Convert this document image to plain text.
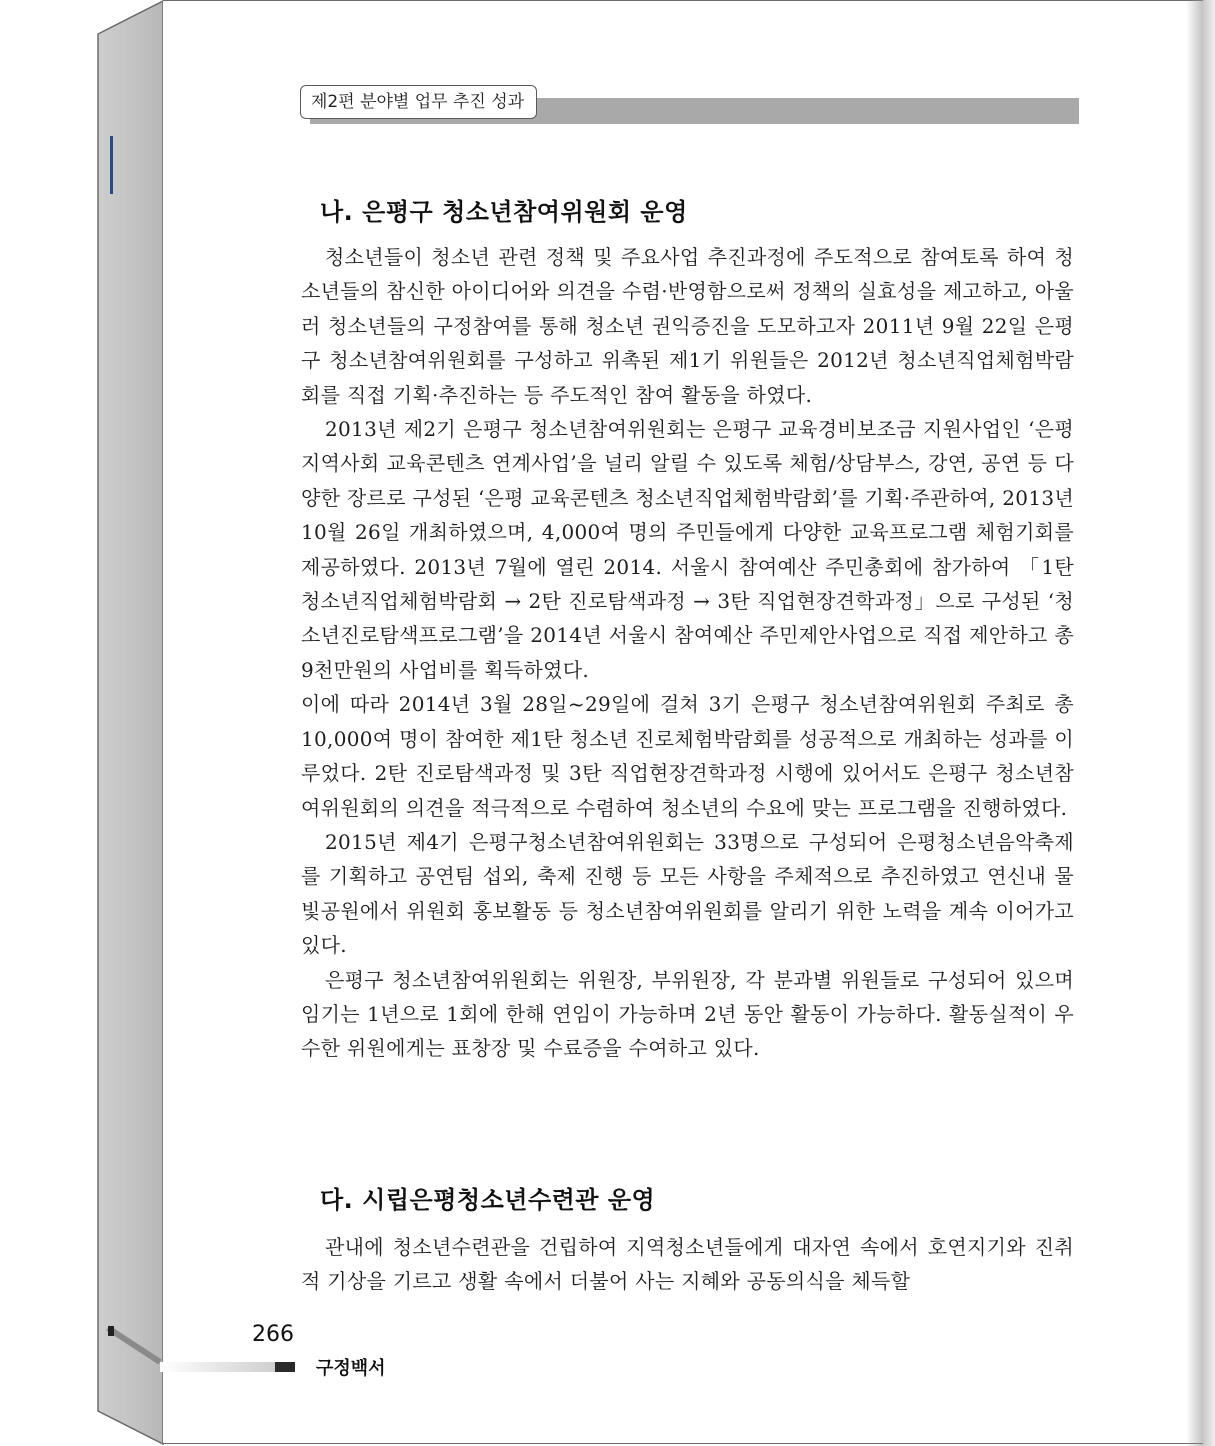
제2편 분야별 업무 추진 성과
나. 은평구 청소년참여위원회 운영

청소년들이 청소년 관련 정책 및 주요사업 추진과정에 주도적으로 참여토록 하여 청소년들의 참신한 아이디어와 의견을 수렴·반영함으로써 정책의 실효성을 제고하고, 아울러 청소년들의 구정참여를 통해 청소년 권익증진을 도모하고자 2011년 9월 22일 은평구 청소년참여위원회를 구성하고 위촉된 제1기 위원들은 2012년 청소년직업체험박람회를 직접 기획·추진하는 등 주도적인 참여 활동을 하였다.

2013년 제2기 은평구 청소년참여위원회는 은평구 교육경비보조금 지원사업인 ‘은평 지역사회 교육콘텐츠 연계사업’을 널리 알릴 수 있도록 체험/상담부스, 강연, 공연 등 다양한 장르로 구성된 ‘은평 교육콘텐츠 청소년직업체험박람회’를 기획·주관하여, 2013년 10월 26일 개최하였으며, 4,000여 명의 주민들에게 다양한 교육프로그램 체험기회를 제공하였다. 2013년 7월에 열린 2014. 서울시 참여예산 주민총회에 참가하여 「1탄 청소년직업체험박람회 → 2탄 진로탐색과정 → 3탄 직업현장견학과정」으로 구성된 ‘청소년진로탐색프로그램’을 2014년 서울시 참여예산 주민제안사업으로 직접 제안하고 총 9천만원의 사업비를 획득하였다.

이에 따라 2014년 3월 28일~29일에 걸쳐 3기 은평구 청소년참여위원회 주최로 총 10,000여 명이 참여한 제1탄 청소년 진로체험박람회를 성공적으로 개최하는 성과를 이루었다. 2탄 진로탐색과정 및 3탄 직업현장견학과정 시행에 있어서도 은평구 청소년참여위원회의 의견을 적극적으로 수렴하여 청소년의 수요에 맞는 프로그램을 진행하였다.

2015년 제4기 은평구청소년참여위원회는 33명으로 구성되어 은평청소년음악축제를 기획하고 공연팀 섭외, 축제 진행 등 모든 사항을 주체적으로 추진하였고 연신내 물빛공원에서 위원회 홍보활동 등 청소년참여위원회를 알리기 위한 노력을 계속 이어가고 있다.

은평구 청소년참여위원회는 위원장, 부위원장, 각 분과별 위원들로 구성되어 있으며 임기는 1년으로 1회에 한해 연임이 가능하며 2년 동안 활동이 가능하다. 활동실적이 우수한 위원에게는 표창장 및 수료증을 수여하고 있다.

다. 시립은평청소년수련관 운영

관내에 청소년수련관을 건립하여 지역청소년들에게 대자연 속에서 호연지기와 진취적 기상을 기르고 생활 속에서 더불어 사는 지혜와 공동의식을 체득할

266
구정백서
